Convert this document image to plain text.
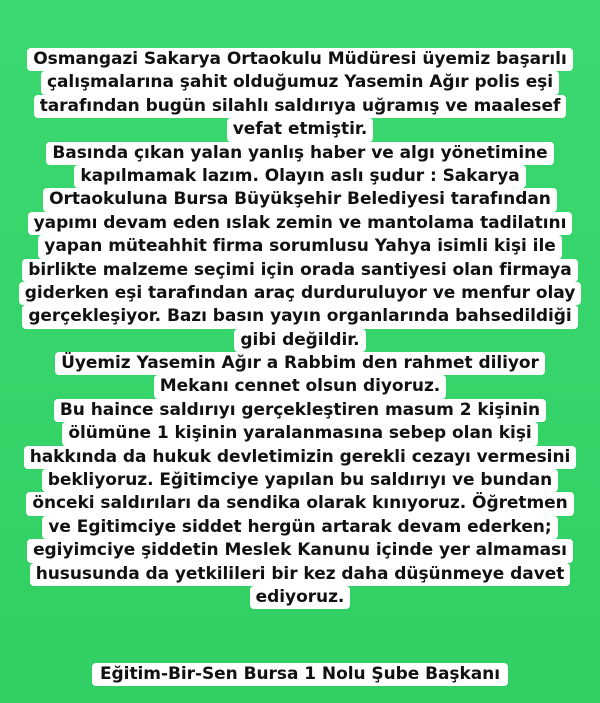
Osmangazi Sakarya Ortaokulu Müdüresi üyemiz başarılı
çalışmalarına şahit olduğumuz Yasemin Ağır polis eşi
tarafından bugün silahlı saldırıya uğramış ve maalesef
vefat etmiştir.
Basında çıkan yalan yanlış haber ve algı yönetimine
kapılmamak lazım. Olayın aslı şudur : Sakarya
Ortaokuluna Bursa Büyükşehir Belediyesi tarafından
yapımı devam eden ıslak zemin ve mantolama tadilatını
yapan müteahhit firma sorumlusu Yahya isimli kişi ile
birlikte malzeme seçimi için orada santiyesi olan firmaya
giderken eşi tarafından araç durduruluyor ve menfur olay
gerçekleşiyor. Bazı basın yayın organlarında bahsedildiği
gibi değildir.
Üyemiz Yasemin Ağır a Rabbim den rahmet diliyor
Mekanı cennet olsun diyoruz.
Bu haince saldırıyı gerçekleştiren masum 2 kişinin
ölümüne 1 kişinin yaralanmasına sebep olan kişi
hakkında da hukuk devletimizin gerekli cezayı vermesini
bekliyoruz. Eğitimciye yapılan bu saldırıyı ve bundan
önceki saldırıları da sendika olarak kınıyoruz. Öğretmen
ve Egitimciye siddet hergün artarak devam ederken;
egiyimciye şiddetin Meslek Kanunu içinde yer almaması
hususunda da yetkilileri bir kez daha düşünmeye davet
ediyoruz.
Eğitim-Bir-Sen Bursa 1 Nolu Şube Başkanı
